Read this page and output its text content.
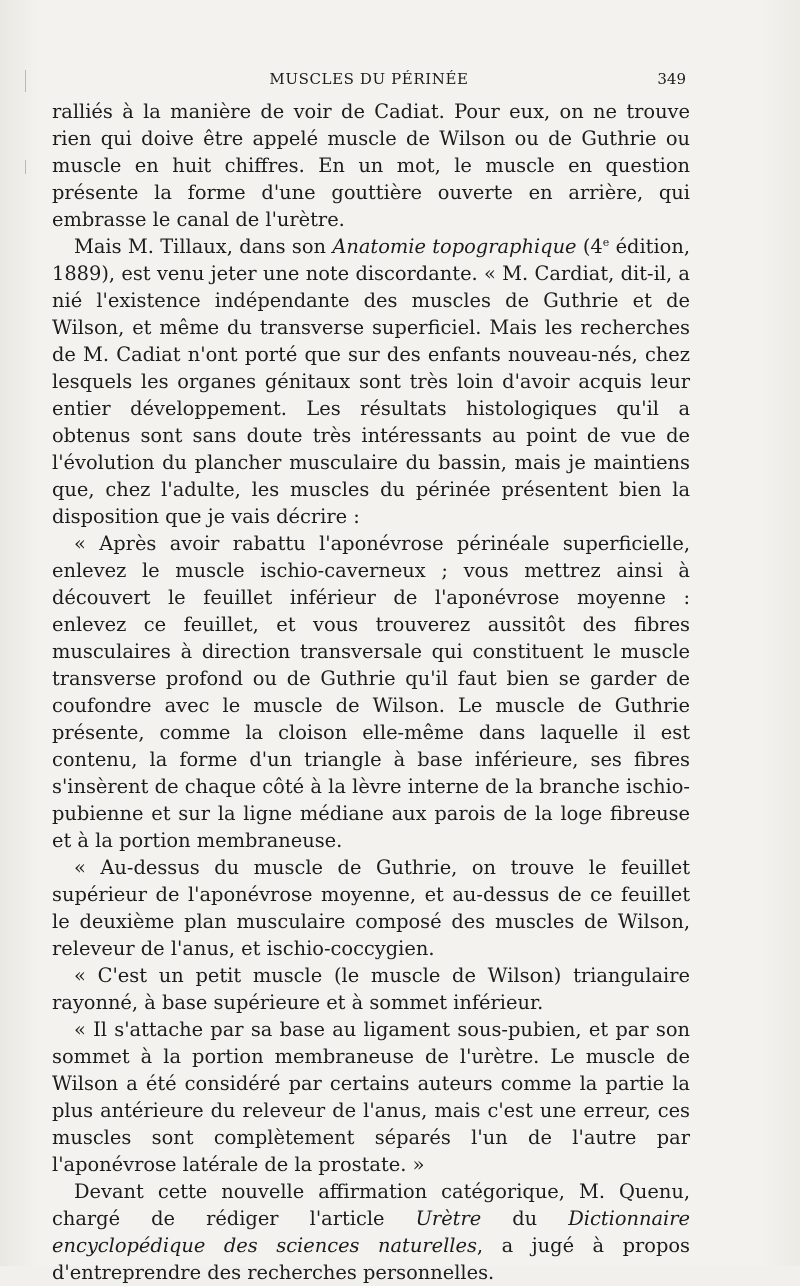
MUSCLES DU PÉRINÉE	349

ralliés à la manière de voir de Cadiat. Pour eux, on ne trouve rien qui doive être appelé muscle de Wilson ou de Guthrie ou muscle en huit chiffres. En un mot, le muscle en question présente la forme d'une gouttière ouverte en arrière, qui embrasse le canal de l'urètre.

Mais M. Tillaux, dans son Anatomie topographique (4e édition, 1889), est venu jeter une note discordante. « M. Cardiat, dit-il, a nié l'existence indépendante des muscles de Guthrie et de Wilson, et même du transverse superficiel. Mais les recherches de M. Cadiat n'ont porté que sur des enfants nouveau-nés, chez lesquels les organes génitaux sont très loin d'avoir acquis leur entier développement. Les résultats histologiques qu'il a obtenus sont sans doute très intéressants au point de vue de l'évolution du plancher musculaire du bassin, mais je maintiens que, chez l'adulte, les muscles du périnée présentent bien la disposition que je vais décrire :

« Après avoir rabattu l'aponévrose périnéale superficielle, enlevez le muscle ischio-caverneux ; vous mettrez ainsi à découvert le feuillet inférieur de l'aponévrose moyenne : enlevez ce feuillet, et vous trouverez aussitôt des fibres musculaires à direction transversale qui constituent le muscle transverse profond ou de Guthrie qu'il faut bien se garder de coufondre avec le muscle de Wilson. Le muscle de Guthrie présente, comme la cloison elle-même dans laquelle il est contenu, la forme d'un triangle à base inférieure, ses fibres s'insèrent de chaque côté à la lèvre interne de la branche ischio-pubienne et sur la ligne médiane aux parois de la loge fibreuse et à la portion membraneuse.

« Au-dessus du muscle de Guthrie, on trouve le feuillet supérieur de l'aponévrose moyenne, et au-dessus de ce feuillet le deuxième plan musculaire composé des muscles de Wilson, releveur de l'anus, et ischio-coccygien.

« C'est un petit muscle (le muscle de Wilson) triangulaire rayonné, à base supérieure et à sommet inférieur.

« Il s'attache par sa base au ligament sous-pubien, et par son sommet à la portion membraneuse de l'urètre. Le muscle de Wilson a été considéré par certains auteurs comme la partie la plus antérieure du releveur de l'anus, mais c'est une erreur, ces muscles sont complètement séparés l'un de l'autre par l'aponévrose latérale de la prostate. »

Devant cette nouvelle affirmation catégorique, M. Quenu, chargé de rédiger l'article Urètre du Dictionnaire encyclopédique des sciences naturelles, a jugé à propos d'entreprendre des recherches personnelles.
